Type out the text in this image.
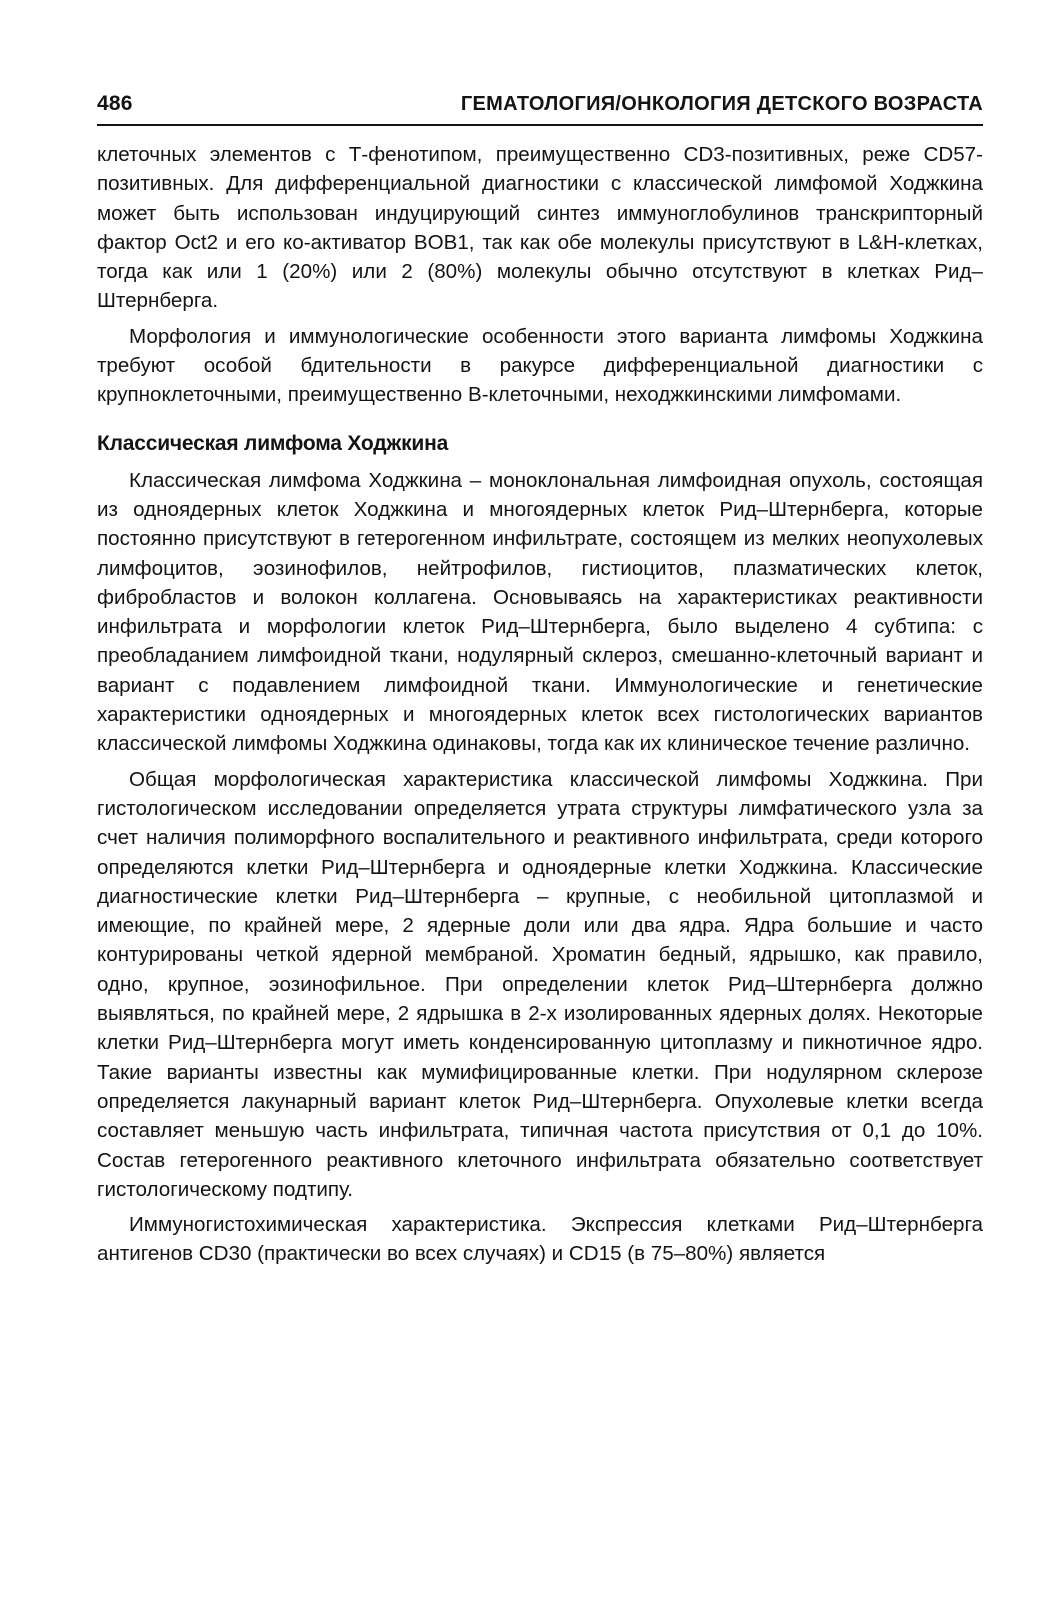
486	ГЕМАТОЛОГИЯ/ОНКОЛОГИЯ ДЕТСКОГО ВОЗРАСТА

клеточных элементов с Т-фенотипом, преимущественно CD3-позитивных, реже CD57-позитивных. Для дифференциальной диагностики с классической лимфомой Ходжкина может быть использован индуцирующий синтез иммуноглобулинов транскрипторный фактор Oct2 и его ко-активатор BOB1, так как обе молекулы присутствуют в L&H-клетках, тогда как или 1 (20%) или 2 (80%) молекулы обычно отсутствуют в клетках Рид–Штернберга.

Морфология и иммунологические особенности этого варианта лимфомы Ходжкина требуют особой бдительности в ракурсе дифференциальной диагностики с крупноклеточными, преимущественно В-клеточными, неходжкинскими лимфомами.

Классическая лимфома Ходжкина

Классическая лимфома Ходжкина – моноклональная лимфоидная опухоль, состоящая из одноядерных клеток Ходжкина и многоядерных клеток Рид–Штернберга, которые постоянно присутствуют в гетерогенном инфильтрате, состоящем из мелких неопухолевых лимфоцитов, эозинофилов, нейтрофилов, гистиоцитов, плазматических клеток, фибробластов и волокон коллагена. Основываясь на характеристиках реактивности инфильтрата и морфологии клеток Рид–Штернберга, было выделено 4 субтипа: с преобладанием лимфоидной ткани, нодулярный склероз, смешанно-клеточный вариант и вариант с подавлением лимфоидной ткани. Иммунологические и генетические характеристики одноядерных и многоядерных клеток всех гистологических вариантов классической лимфомы Ходжкина одинаковы, тогда как их клиническое течение различно.

Общая морфологическая характеристика классической лимфомы Ходжкина. При гистологическом исследовании определяется утрата структуры лимфатического узла за счет наличия полиморфного воспалительного и реактивного инфильтрата, среди которого определяются клетки Рид–Штернберга и одноядерные клетки Ходжкина. Классические диагностические клетки Рид–Штернберга – крупные, с необильной цитоплазмой и имеющие, по крайней мере, 2 ядерные доли или два ядра. Ядра большие и часто контурированы четкой ядерной мембраной. Хроматин бедный, ядрышко, как правило, одно, крупное, эозинофильное. При определении клеток Рид–Штернберга должно выявляться, по крайней мере, 2 ядрышка в 2-х изолированных ядерных долях. Некоторые клетки Рид–Штернберга могут иметь конденсированную цитоплазму и пикнотичное ядро. Такие варианты известны как мумифицированные клетки. При нодулярном склерозе определяется лакунарный вариант клеток Рид–Штернберга. Опухолевые клетки всегда составляет меньшую часть инфильтрата, типичная частота присутствия от 0,1 до 10%. Состав гетерогенного реактивного клеточного инфильтрата обязательно соответствует гистологическому подтипу.

Иммуногистохимическая характеристика. Экспрессия клетками Рид–Штернберга антигенов CD30 (практически во всех случаях) и CD15 (в 75–80%) является
